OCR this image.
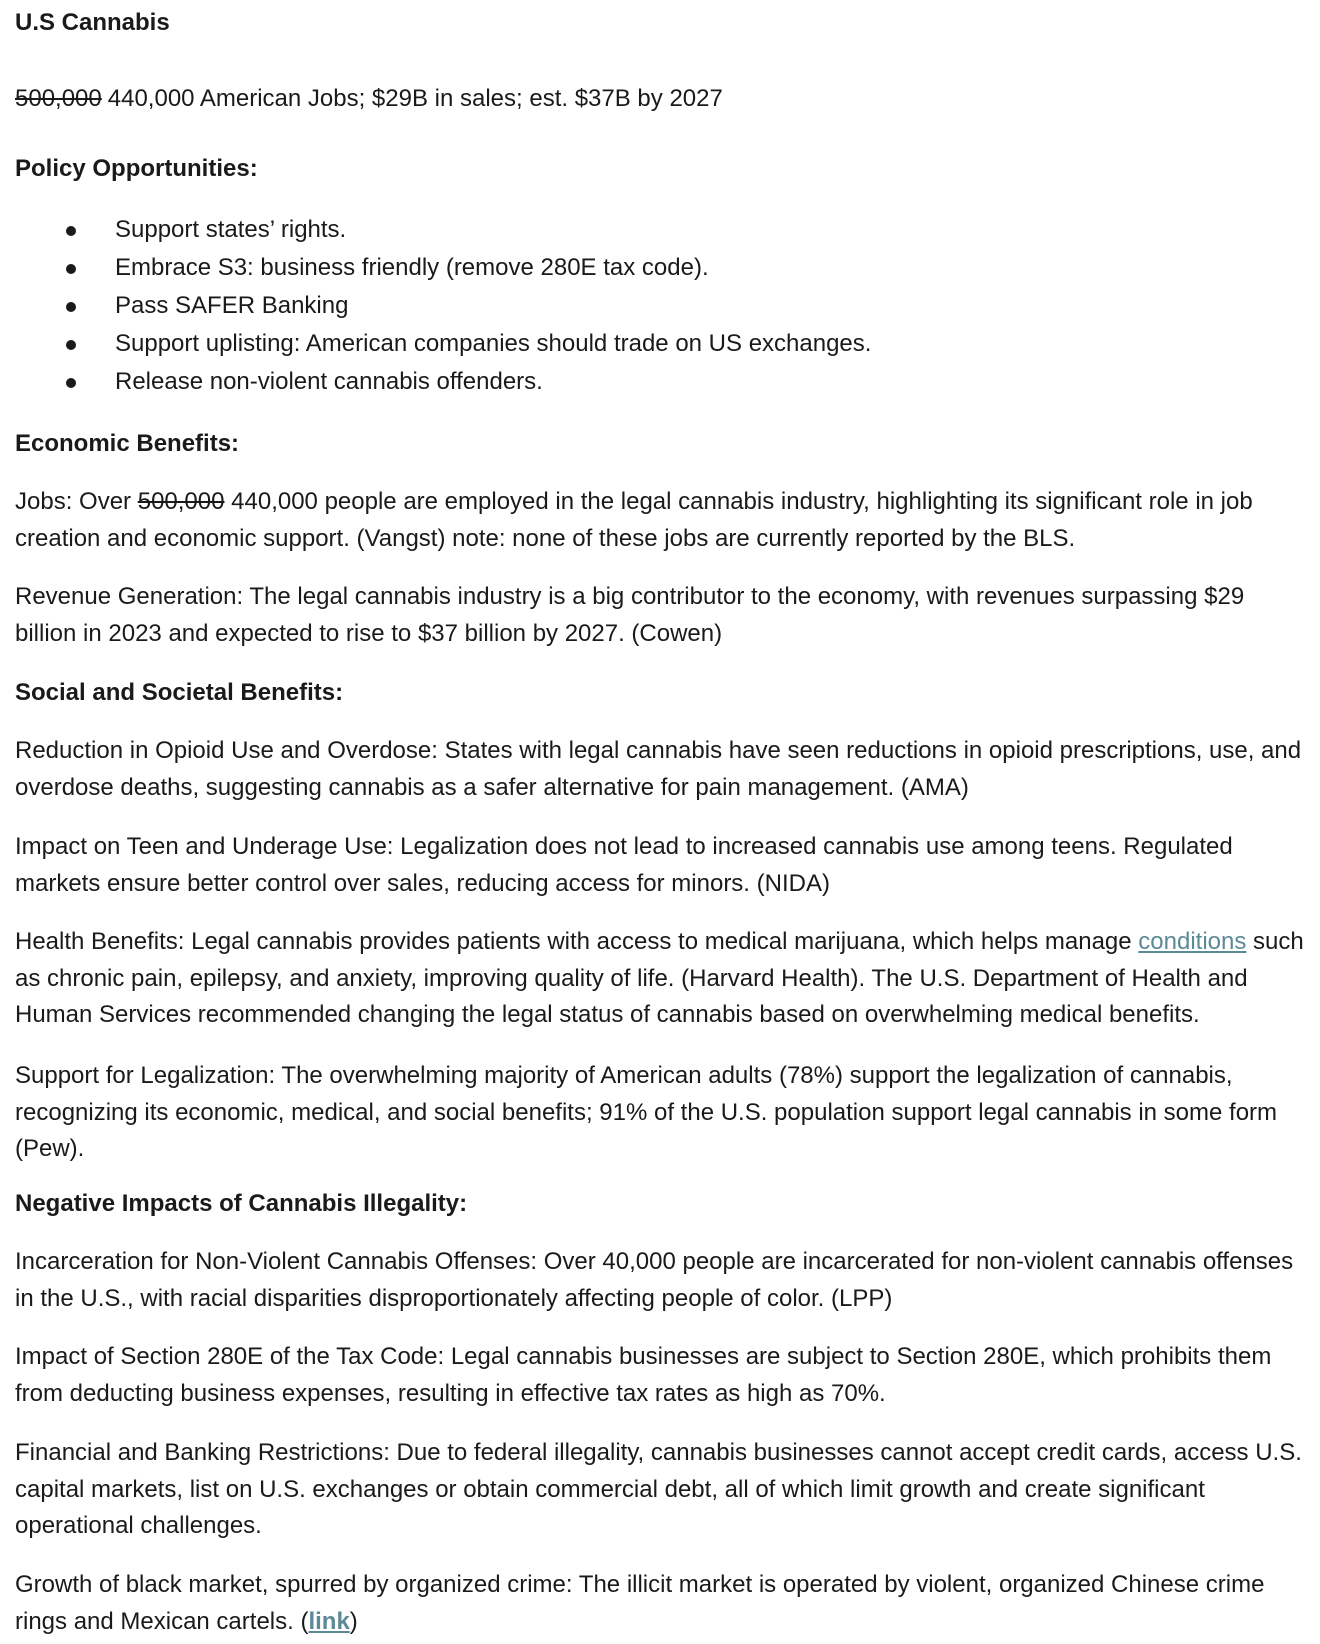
U.S Cannabis
500,000 440,000 American Jobs; $29B in sales; est. $37B by 2027
Policy Opportunities:
Support states’ rights.
Embrace S3: business friendly (remove 280E tax code).
Pass SAFER Banking
Support uplisting: American companies should trade on US exchanges.
Release non-violent cannabis offenders.
Economic Benefits:

Jobs: Over 500,000 440,000 people are employed in the legal cannabis industry, highlighting its significant role in job creation and economic support. (Vangst) note: none of these jobs are currently reported by the BLS.

Revenue Generation: The legal cannabis industry is a big contributor to the economy, with revenues surpassing $29 billion in 2023 and expected to rise to $37 billion by 2027. (Cowen)

Social and Societal Benefits:

Reduction in Opioid Use and Overdose: States with legal cannabis have seen reductions in opioid prescriptions, use, and overdose deaths, suggesting cannabis as a safer alternative for pain management. (AMA)

Impact on Teen and Underage Use: Legalization does not lead to increased cannabis use among teens. Regulated markets ensure better control over sales, reducing access for minors. (NIDA)

Health Benefits: Legal cannabis provides patients with access to medical marijuana, which helps manage conditions such as chronic pain, epilepsy, and anxiety, improving quality of life. (Harvard Health). The U.S. Department of Health and Human Services recommended changing the legal status of cannabis based on overwhelming medical benefits.

Support for Legalization: The overwhelming majority of American adults (78%) support the legalization of cannabis, recognizing its economic, medical, and social benefits; 91% of the U.S. population support legal cannabis in some form (Pew).

Negative Impacts of Cannabis Illegality:

Incarceration for Non-Violent Cannabis Offenses: Over 40,000 people are incarcerated for non-violent cannabis offenses in the U.S., with racial disparities disproportionately affecting people of color. (LPP)

Impact of Section 280E of the Tax Code: Legal cannabis businesses are subject to Section 280E, which prohibits them from deducting business expenses, resulting in effective tax rates as high as 70%.

Financial and Banking Restrictions: Due to federal illegality, cannabis businesses cannot accept credit cards, access U.S. capital markets, list on U.S. exchanges or obtain commercial debt, all of which limit growth and create significant operational challenges.

Growth of black market, spurred by organized crime: The illicit market is operated by violent, organized Chinese crime rings and Mexican cartels. (link)
